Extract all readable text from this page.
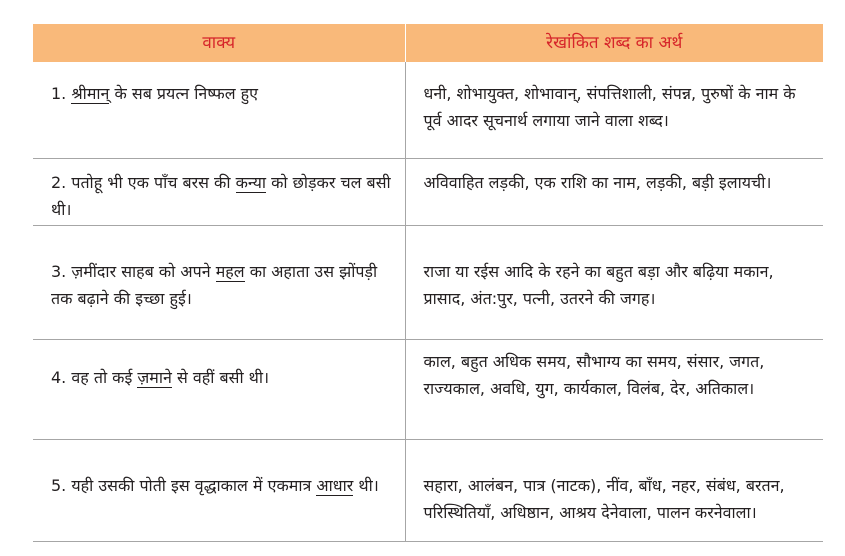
वाक्य	रेखांकित शब्द का अर्थ

1. श्रीमान् के सब प्रयत्न निष्फल हुए	धनी, शोभायुक्त, शोभावान्, संपत्तिशाली, संपन्न, पुरुषों के नाम के पूर्व आदर सूचनार्थ लगाया जाने वाला शब्द।

2. पतोहू भी एक पाँच बरस की कन्या को छोड़कर चल बसी थी।	अविवाहित लड़की, एक राशि का नाम, लड़की, बड़ी इलायची।

3. ज़मींदार साहब को अपने महल का अहाता उस झोंपड़ी तक बढ़ाने की इच्छा हुई।	राजा या रईस आदि के रहने का बहुत बड़ा और बढ़िया मकान, प्रासाद, अंत:पुर, पत्नी, उतरने की जगह।

4. वह तो कई ज़माने से वहीं बसी थी।	काल, बहुत अधिक समय, सौभाग्य का समय, संसार, जगत, राज्यकाल, अवधि, युग, कार्यकाल, विलंब, देर, अतिकाल।

5. यही उसकी पोती इस वृद्धाकाल में एकमात्र आधार थी।	सहारा, आलंबन, पात्र (नाटक), नींव, बाँध, नहर, संबंध, बरतन, परिस्थितियाँ, अधिष्ठान, आश्रय देनेवाला, पालन करनेवाला।
